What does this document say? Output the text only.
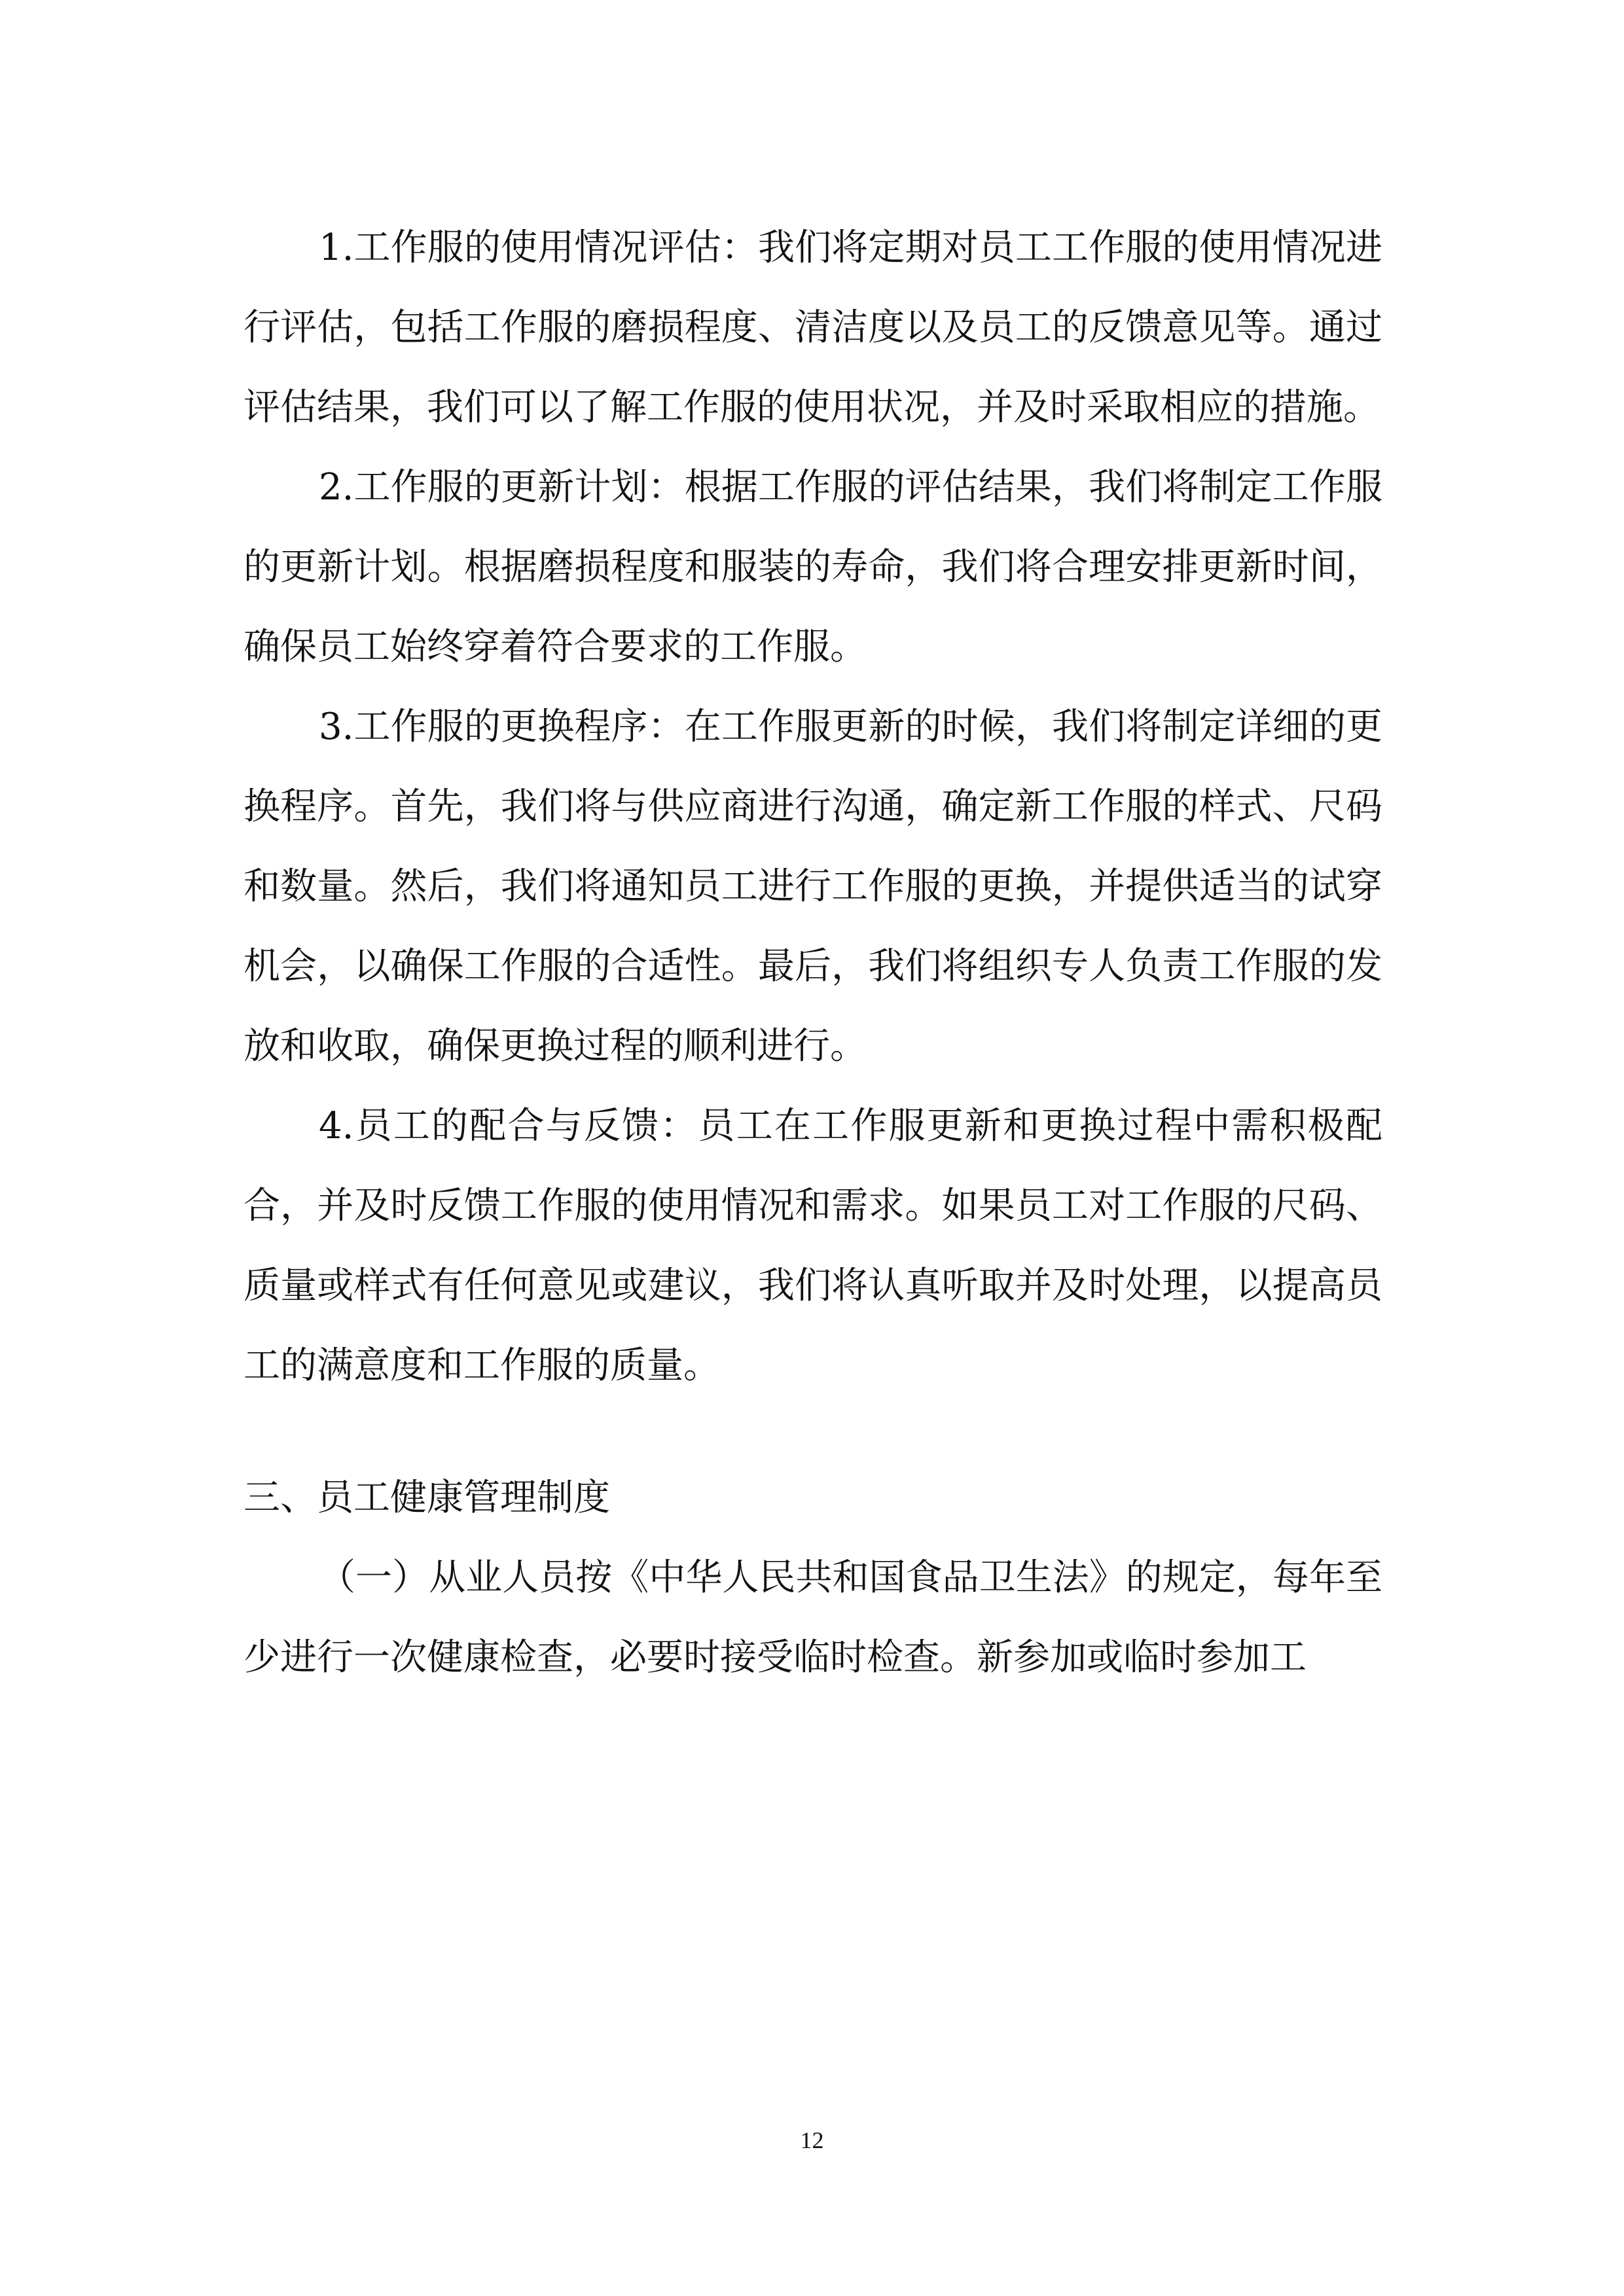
1.工作服的使用情况评估：我们将定期对员工工作服的使用情况进行评估，包括工作服的磨损程度、清洁度以及员工的反馈意见等。通过评估结果，我们可以了解工作服的使用状况，并及时采取相应的措施。

2.工作服的更新计划：根据工作服的评估结果，我们将制定工作服的更新计划。根据磨损程度和服装的寿命，我们将合理安排更新时间，确保员工始终穿着符合要求的工作服。

3.工作服的更换程序：在工作服更新的时候，我们将制定详细的更换程序。首先，我们将与供应商进行沟通，确定新工作服的样式、尺码和数量。然后，我们将通知员工进行工作服的更换，并提供适当的试穿机会，以确保工作服的合适性。最后，我们将组织专人负责工作服的发放和收取，确保更换过程的顺利进行。

4.员工的配合与反馈：员工在工作服更新和更换过程中需积极配合，并及时反馈工作服的使用情况和需求。如果员工对工作服的尺码、质量或样式有任何意见或建议，我们将认真听取并及时处理，以提高员工的满意度和工作服的质量。

三、员工健康管理制度

（一）从业人员按《中华人民共和国食品卫生法》的规定，每年至少进行一次健康检查，必要时接受临时检查。新参加或临时参加工

12
